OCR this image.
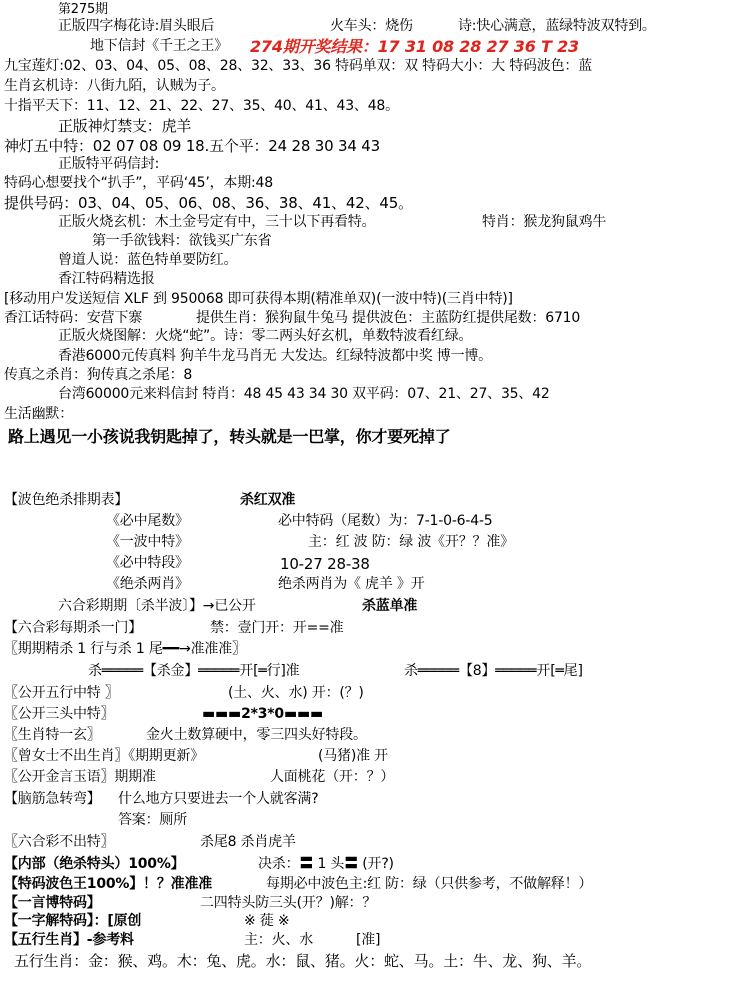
第275期
正版四字梅花诗:眉头眼后	火车头：烧伤	诗:快心满意，蓝绿特波双特到。
地下信封《千王之王》 274期开奖结果：17 31 08 28 27 36 T 23
九宝莲灯:02、03、04、05、08、28、32、33、36 特码单双：双 特码大小：大 特码波色：蓝
生肖玄机诗：八街九陌，认贼为子。
十指平天下：11、12、21、22、27、35、40、41、43、48。
正版神灯禁支：虎羊
神灯五中特：02 07 08 09 18.五个平：24 28 30 34 43
正版特平码信封:
特码心想要找个“扒手”，平码‘45’，本期:48
提供号码：03、04、05、06、08、36、38、41、42、45。
正版火烧玄机：木土金号定有中，三十以下再看特。	特肖：猴龙狗鼠鸡牛
第一手欲钱料：欲钱买广东省
曾道人说：蓝色特单要防红。
香江特码精选报
[移动用户发送短信 XLF 到 950068 即可获得本期(精准单双)(一波中特)(三肖中特)]
香江话特码：安营下寨	提供生肖：猴狗鼠牛兔马 提供波色：主蓝防红提供尾数：6710
正版火烧图解：火烧“蛇”。诗：零二两头好玄机，单数特波看红绿。
香港6000元传真料 狗羊牛龙马肖无 大发达。红绿特波都中奖 博一博。
传真之杀肖：狗传真之杀尾：8
台湾60000元来料信封 特肖：48 45 43 34 30 双平码：07、21、27、35、42
生活幽默：
路上遇见一小孩说我钥匙掉了，转头就是一巴掌，你才要死掉了
【波色绝杀排期表】	杀红双准
《必中尾数》	必中特码（尾数）为：7-1-0-6-4-5
《一波中特》	主：红 波 防：绿 波《开？？准》
《必中特段》	10-27 28-38
《绝杀两肖》	绝杀两肖为《 虎羊 》开
六合彩期期〔杀半波〕】→已公开	杀蓝单准
【六合彩每期杀一门】	禁：壹门开：开==准
〖期期精杀 1 行与杀 1 尾━━→准准准〗
杀═════【杀金】═════开[═行]准	杀═════【8】═════开[═尾]
〖公开五行中特 〗	(土、火、水) 开：(？)
〖公开三头中特〗	▬▬▬2*3*0▬▬▬
〖生肖特一玄〗	金火土数算硬中，零三四头好特段。
〖曾女士不出生肖〗《期期更新》	(马猪)准 开
〖公开金言玉语〗期期准	人面桃花（开：？）
【脑筋急转弯】 什么地方只要进去一个人就客满?
答案：厕所
〖六合彩不出特〗	杀尾8 杀肖虎羊
【内部（绝杀特头）100%】	决杀：〓 1 头〓 (开?)
【特码波色王100%】！？准准准	每期必中波色主:红 防：绿（只供参考，不做解释！）
【一言博特码】	二四特头防三头(开？)解：？
【一字解特码】：[原创	※ 蓰 ※
【五行生肖】-参考料	主：火、水	[准]
五行生肖：金：猴、鸡。木：兔、虎。水：鼠、猪。火：蛇、马。土：牛、龙、狗、羊。
